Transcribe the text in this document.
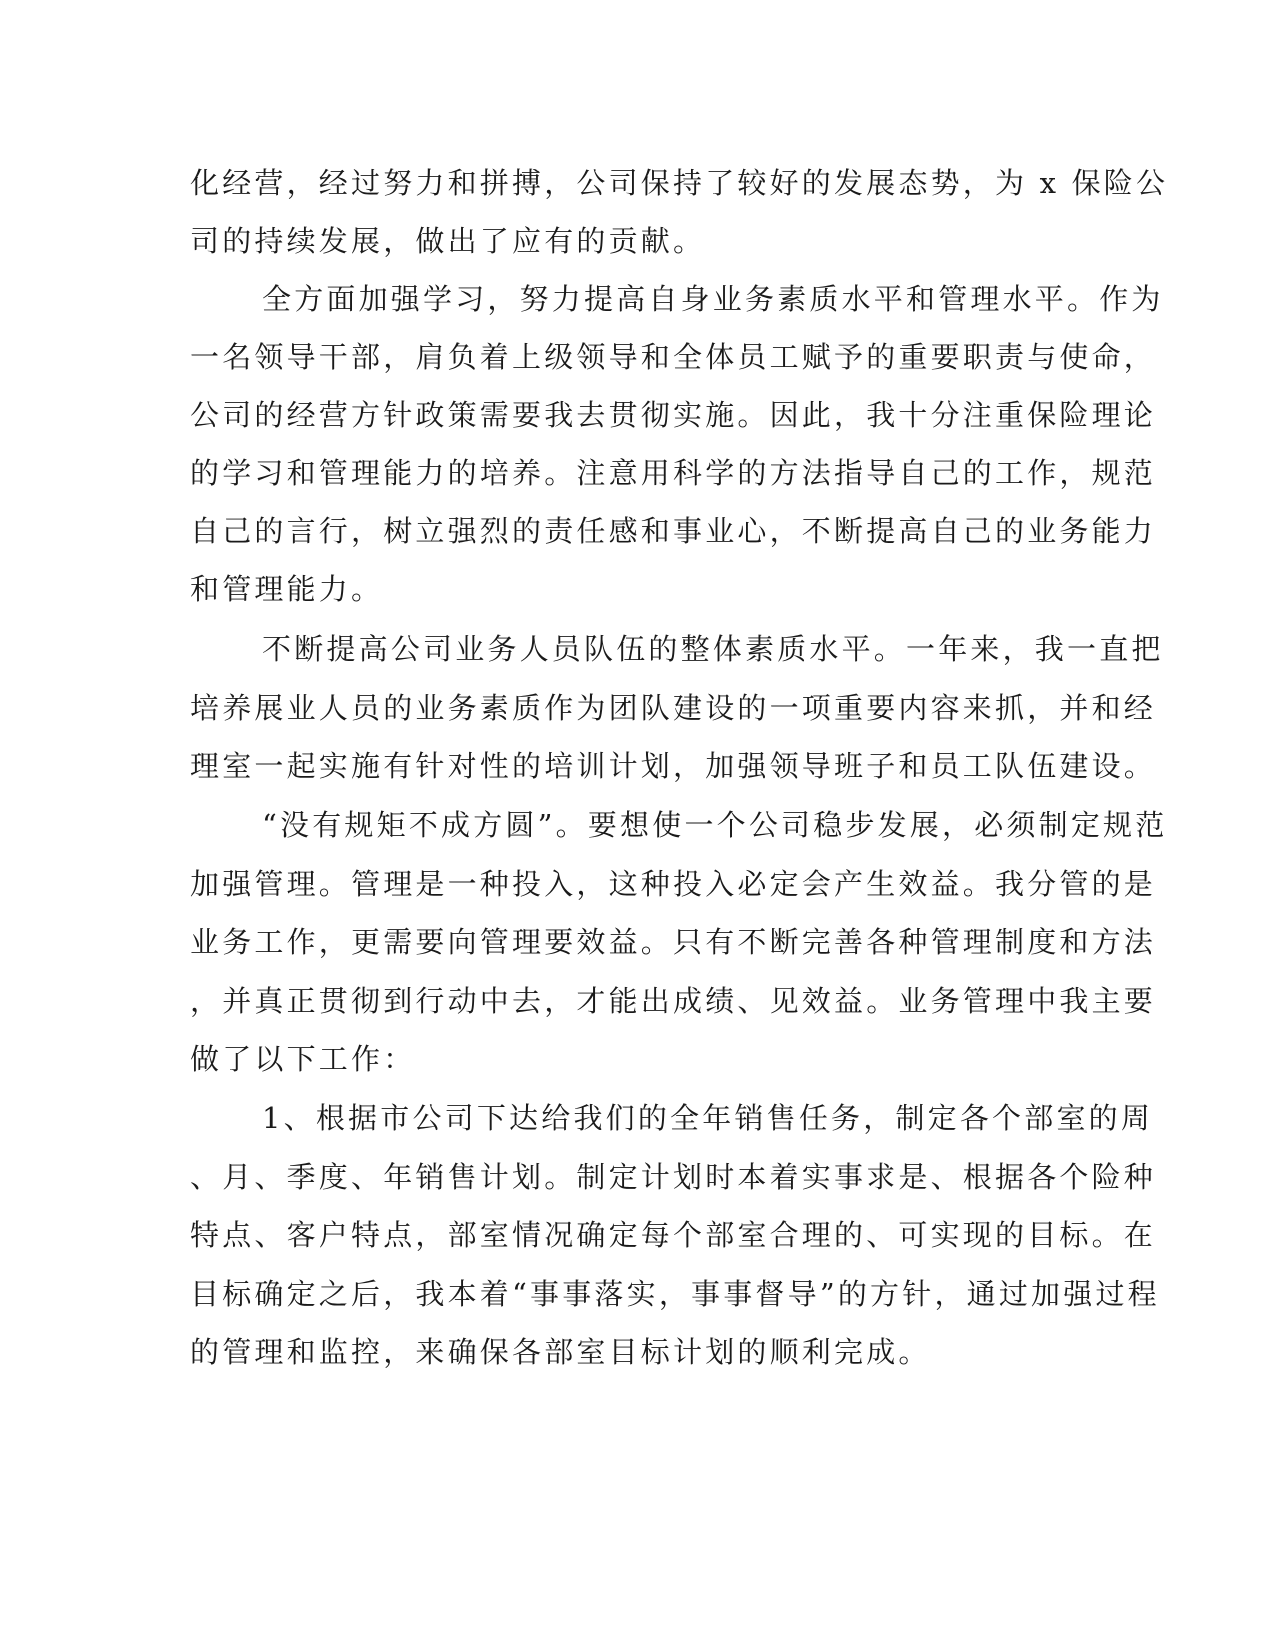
化经营，经过努力和拼搏，公司保持了较好的发展态势，为 x 保险公
司的持续发展，做出了应有的贡献。
全方面加强学习，努力提高自身业务素质水平和管理水平。作为
一名领导干部，肩负着上级领导和全体员工赋予的重要职责与使命，
公司的经营方针政策需要我去贯彻实施。因此，我十分注重保险理论
的学习和管理能力的培养。注意用科学的方法指导自己的工作，规范
自己的言行，树立强烈的责任感和事业心，不断提高自己的业务能力
和管理能力。
不断提高公司业务人员队伍的整体素质水平。一年来，我一直把
培养展业人员的业务素质作为团队建设的一项重要内容来抓，并和经
理室一起实施有针对性的培训计划，加强领导班子和员工队伍建设。
“没有规矩不成方圆”。要想使一个公司稳步发展，必须制定规范
加强管理。管理是一种投入，这种投入必定会产生效益。我分管的是
业务工作，更需要向管理要效益。只有不断完善各种管理制度和方法
，并真正贯彻到行动中去，才能出成绩、见效益。业务管理中我主要
做了以下工作：
1、根据市公司下达给我们的全年销售任务，制定各个部室的周
、月、季度、年销售计划。制定计划时本着实事求是、根据各个险种
特点、客户特点，部室情况确定每个部室合理的、可实现的目标。在
目标确定之后，我本着“事事落实，事事督导”的方针，通过加强过程
的管理和监控，来确保各部室目标计划的顺利完成。
